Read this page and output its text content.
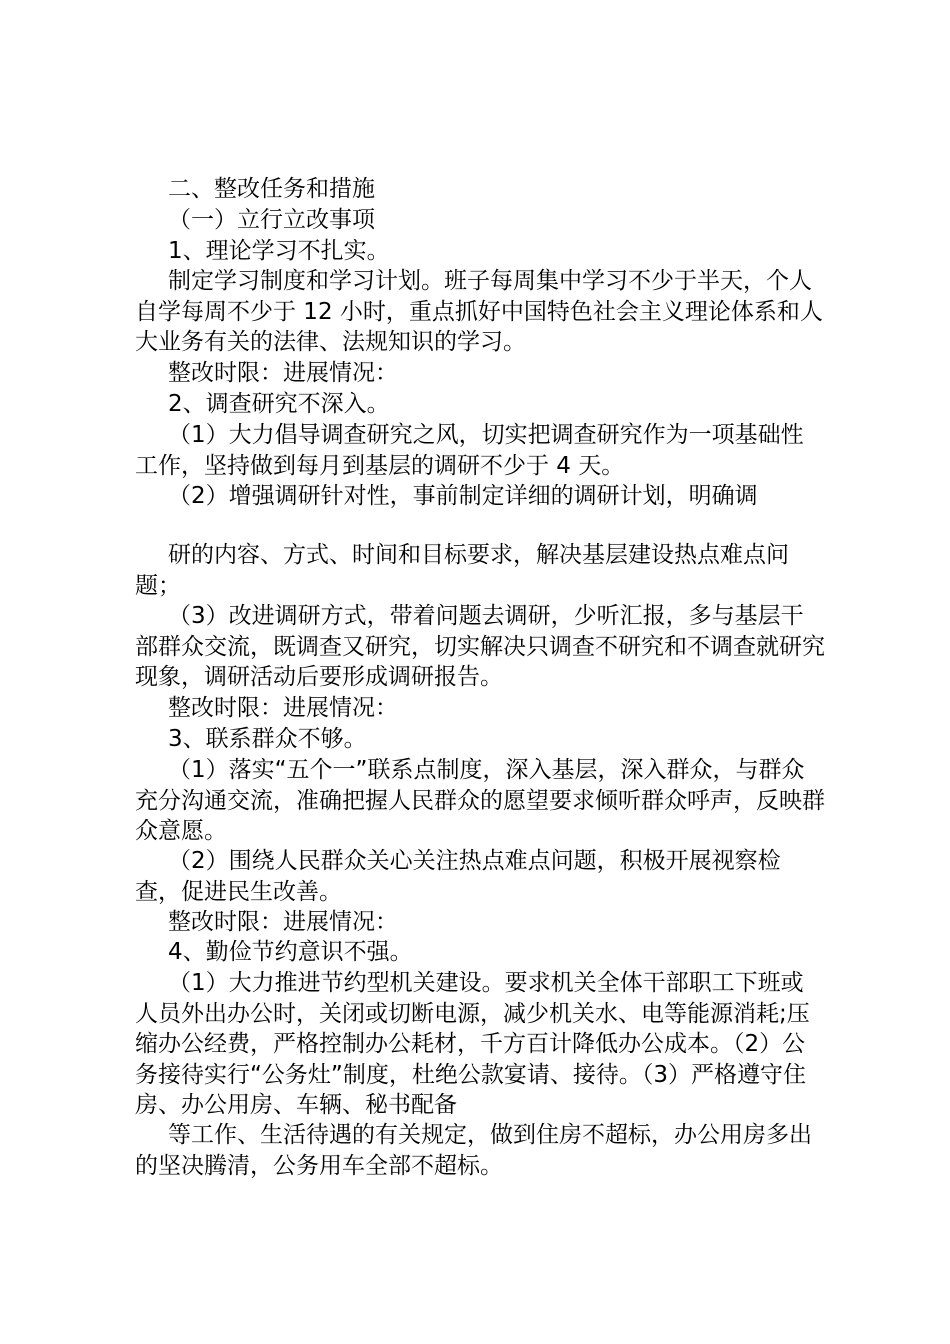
二、整改任务和措施

（一）立行立改事项

1、理论学习不扎实。

制定学习制度和学习计划。班子每周集中学习不少于半天，个人自学每周不少于 12 小时，重点抓好中国特色社会主义理论体系和人大业务有关的法律、法规知识的学习。

整改时限：进展情况：

2、调查研究不深入。

（1）大力倡导调查研究之风，切实把调查研究作为一项基础性工作，坚持做到每月到基层的调研不少于 4 天。

（2）增强调研针对性，事前制定详细的调研计划，明确调

研的内容、方式、时间和目标要求，解决基层建设热点难点问题；

（3）改进调研方式，带着问题去调研，少听汇报，多与基层干部群众交流，既调查又研究，切实解决只调查不研究和不调查就研究现象，调研活动后要形成调研报告。

整改时限：进展情况：

3、联系群众不够。

（1）落实“五个一”联系点制度，深入基层，深入群众，与群众充分沟通交流，准确把握人民群众的愿望要求倾听群众呼声，反映群众意愿。

（2）围绕人民群众关心关注热点难点问题，积极开展视察检查，促进民生改善。

整改时限：进展情况：

4、勤俭节约意识不强。

（1）大力推进节约型机关建设。要求机关全体干部职工下班或人员外出办公时，关闭或切断电源，减少机关水、电等能源消耗;压缩办公经费，严格控制办公耗材，千方百计降低办公成本。（2）公务接待实行“公务灶”制度，杜绝公款宴请、接待。（3）严格遵守住房、办公用房、车辆、秘书配备

等工作、生活待遇的有关规定，做到住房不超标，办公用房多出的坚决腾清，公务用车全部不超标。
